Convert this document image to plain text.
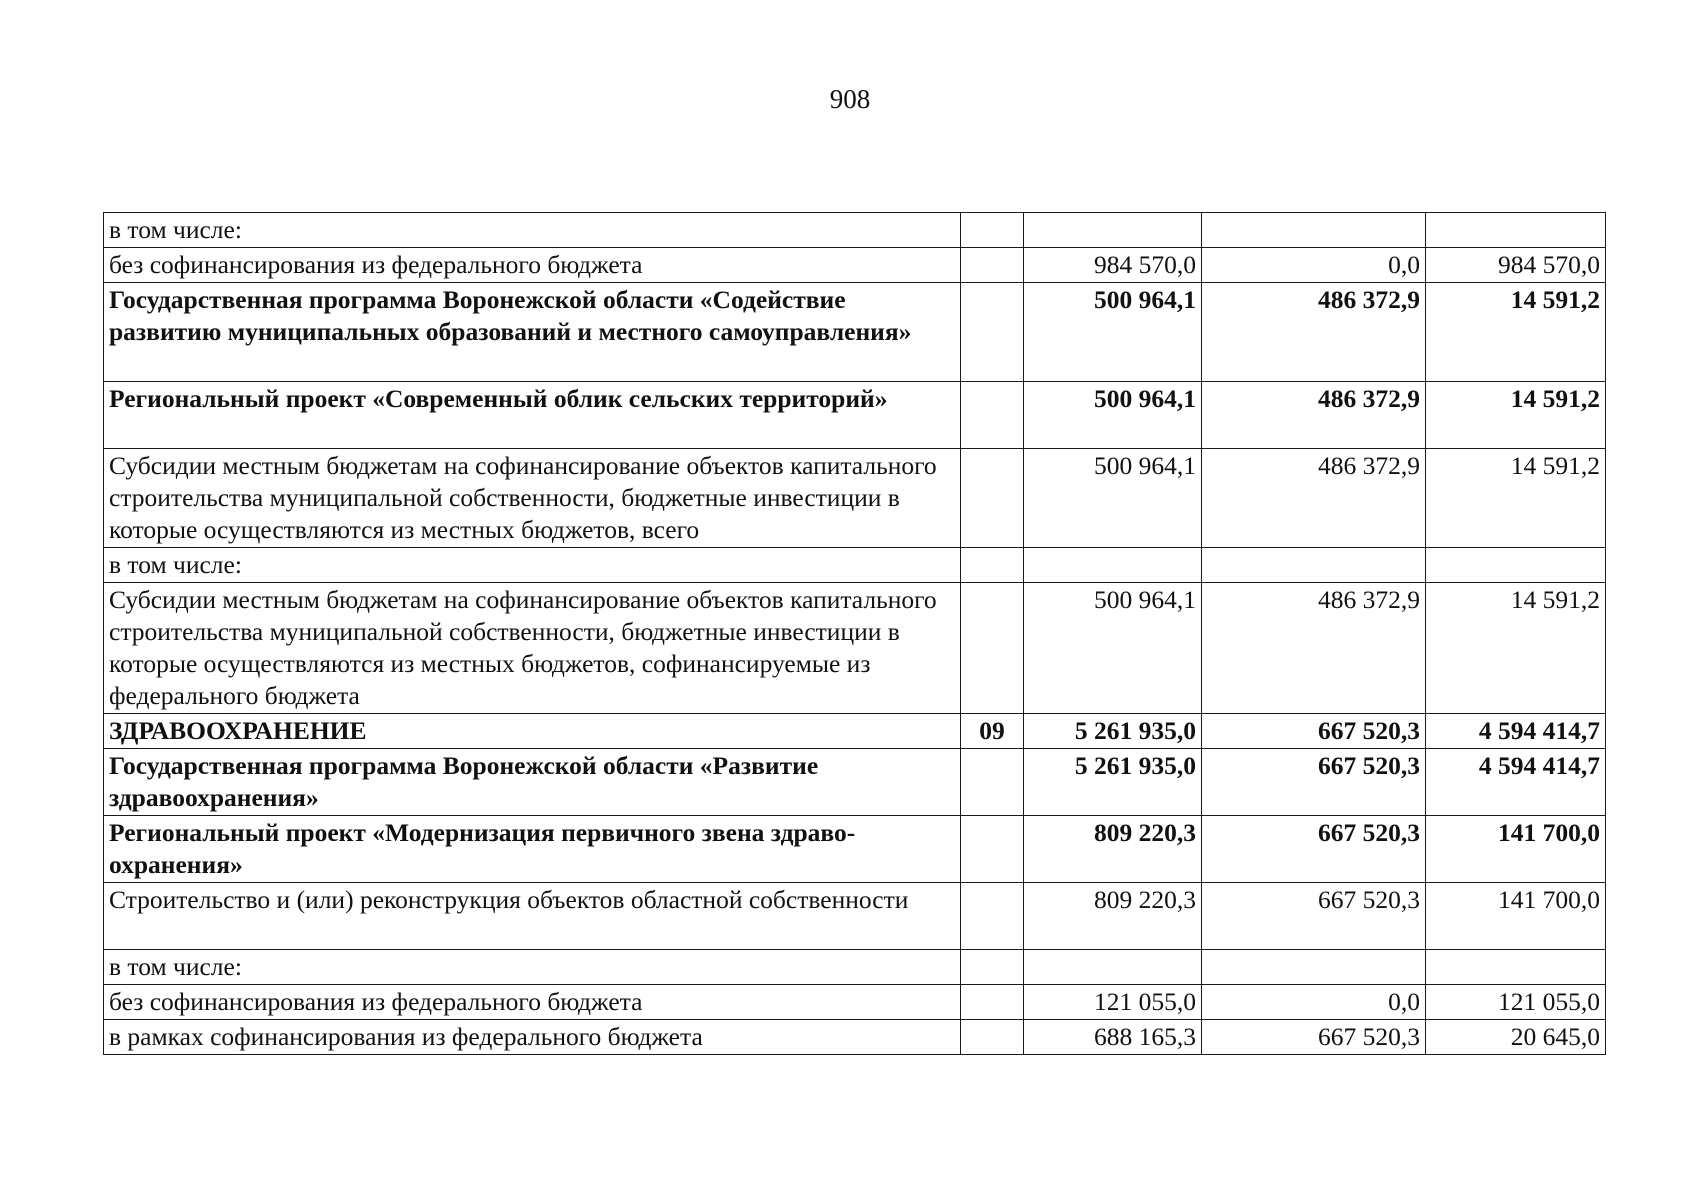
908
в том числе:				
без софинансирования из федерального бюджета		984 570,0	0,0	984 570,0
Государственная программа Воронежской области «Содействие развитию муниципальных образований и местного самоуправления»		500 964,1	486 372,9	14 591,2
Региональный проект «Современный облик сельских территорий»		500 964,1	486 372,9	14 591,2
Субсидии местным бюджетам на софинансирование объектов капитального строительства муниципальной собственности, бюджетные инвестиции в которые осуществляются из местных бюджетов, всего		500 964,1	486 372,9	14 591,2
в том числе:				
Субсидии местным бюджетам на софинансирование объектов капитального строительства муниципальной собственности, бюджетные инвестиции в которые осуществляются из местных бюджетов, софинансируемые из федерального бюджета		500 964,1	486 372,9	14 591,2
ЗДРАВООХРАНЕНИЕ	09	5 261 935,0	667 520,3	4 594 414,7
Государственная программа Воронежской области «Развитие здравоохранения»		5 261 935,0	667 520,3	4 594 414,7
Региональный проект «Модернизация первичного звена здравоохранения»		809 220,3	667 520,3	141 700,0
Строительство и (или) реконструкция объектов областной собственности		809 220,3	667 520,3	141 700,0
в том числе:				
без софинансирования из федерального бюджета		121 055,0	0,0	121 055,0
в рамках софинансирования из федерального бюджета		688 165,3	667 520,3	20 645,0
